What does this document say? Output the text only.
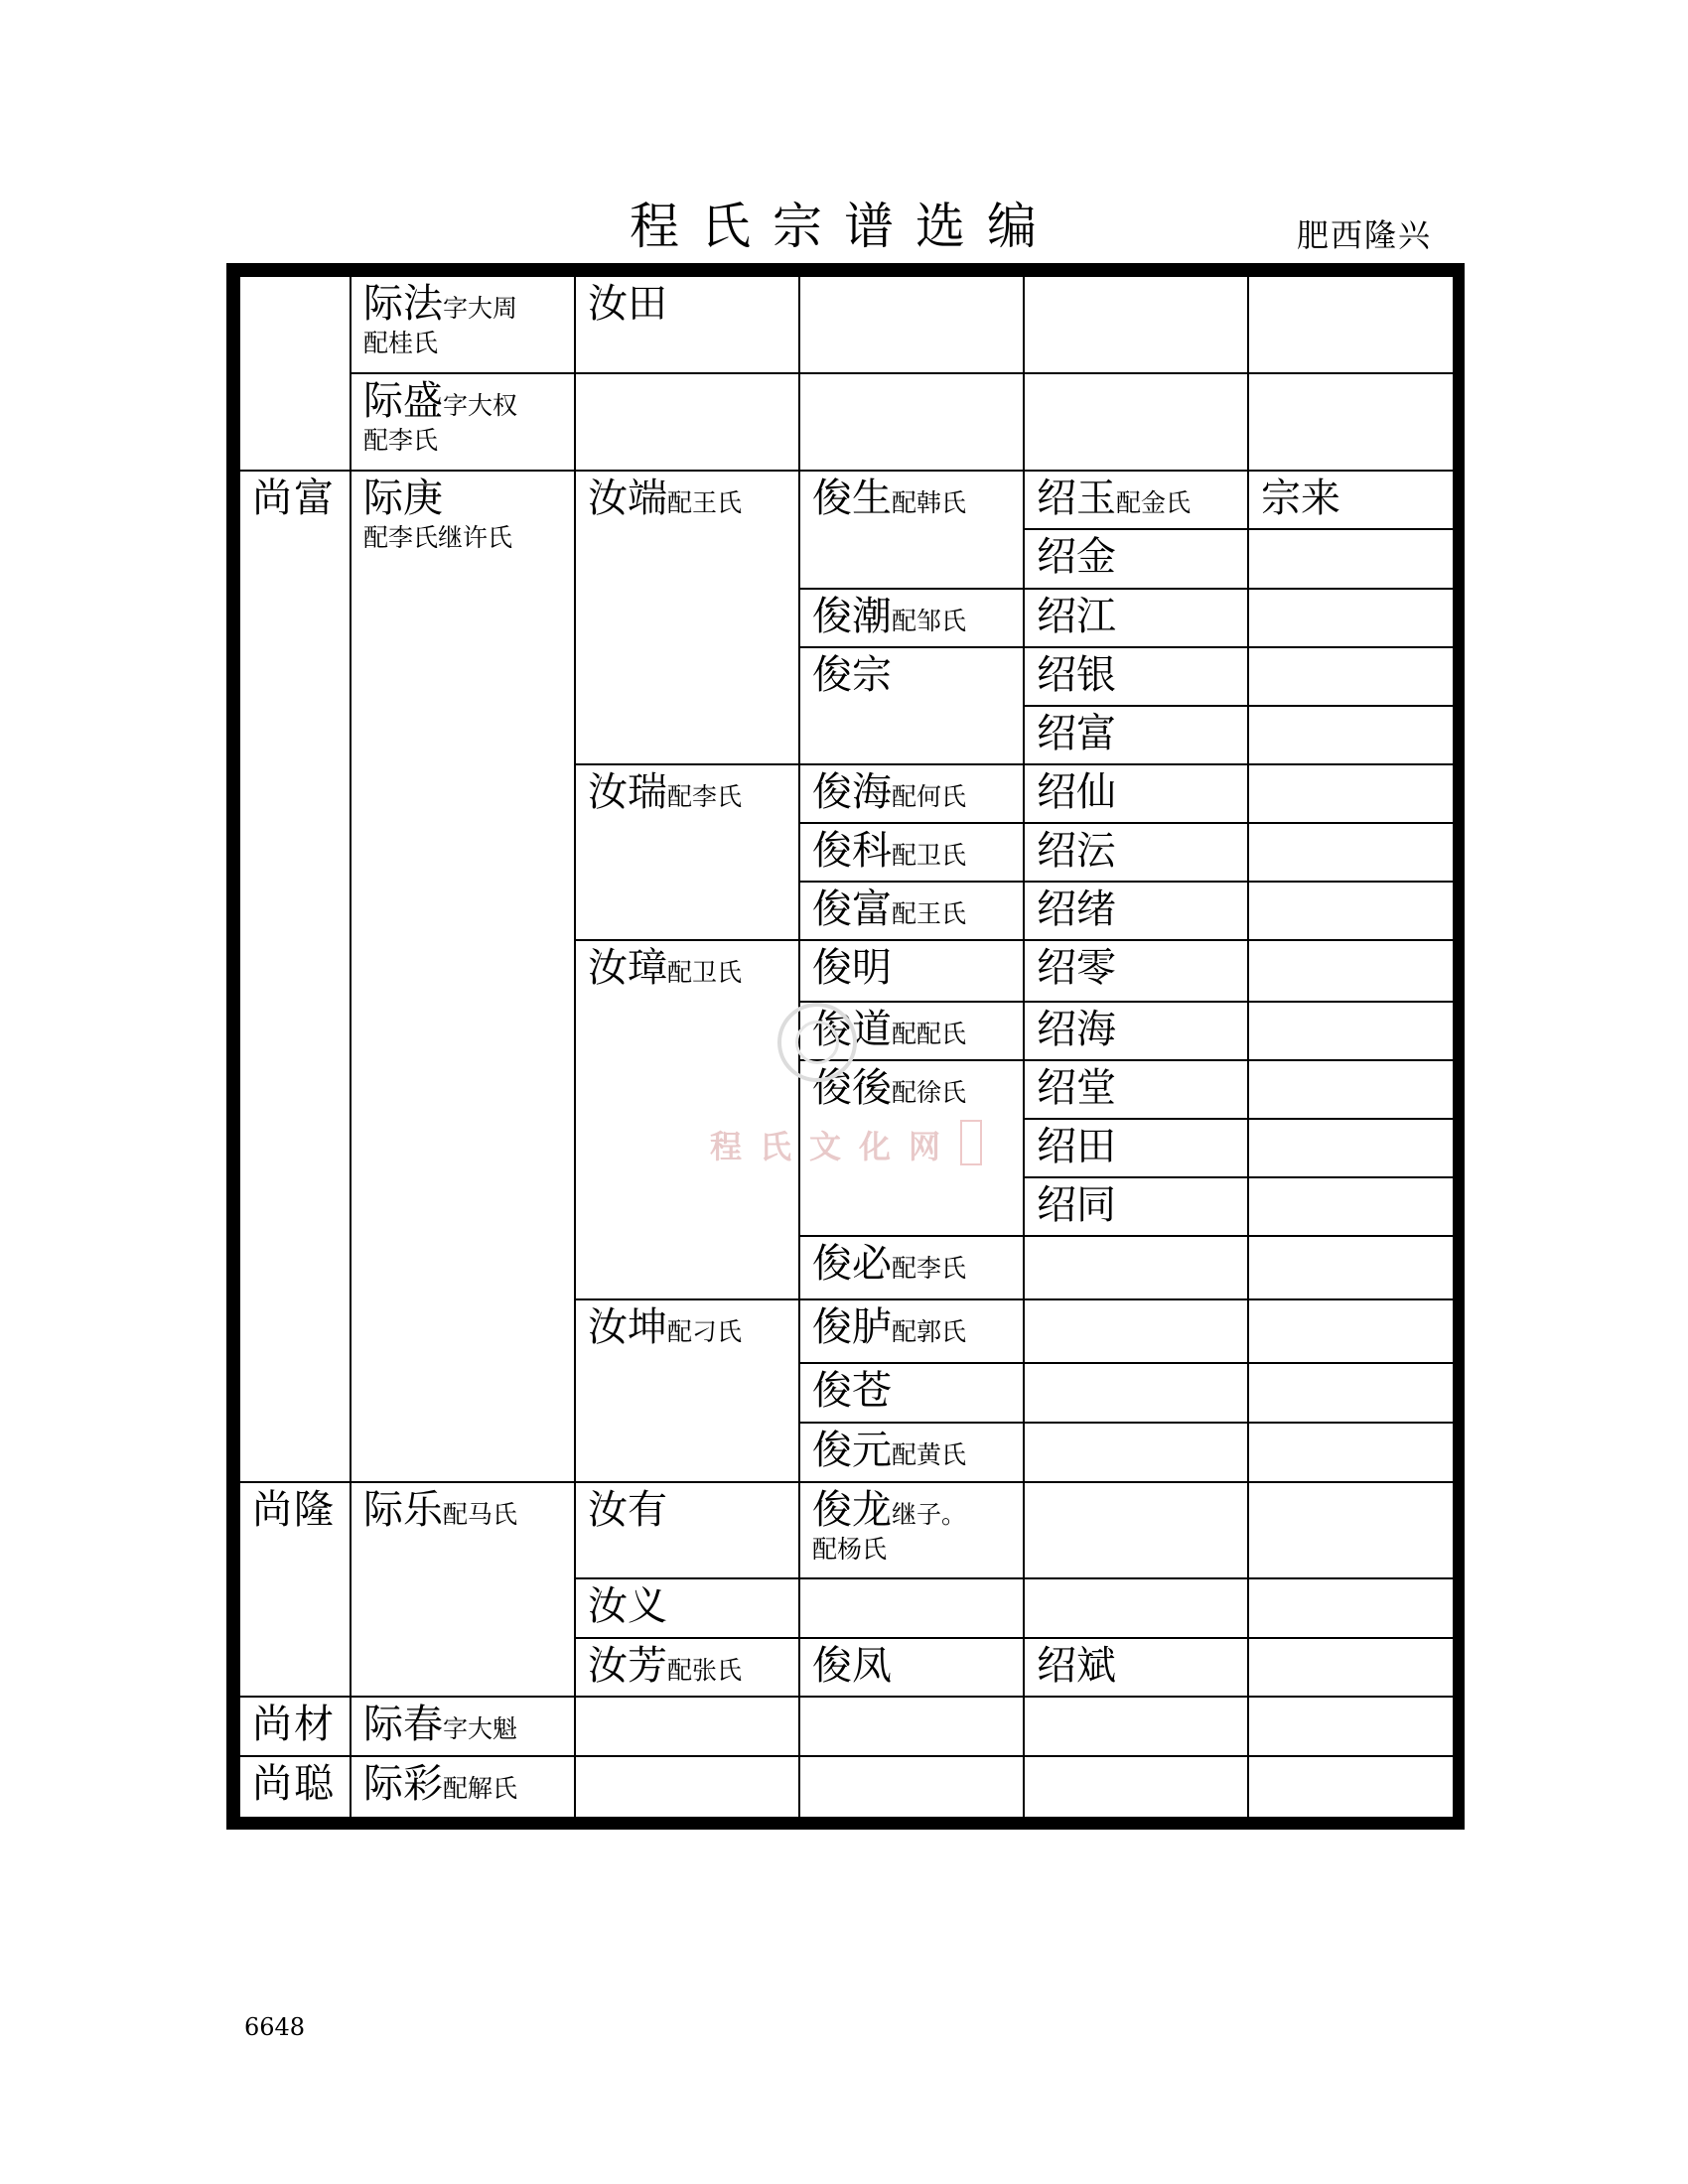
程氏宗谱选编	肥西隆兴
	际法字大周
配桂氏	汝田			
	际盛字大权
配李氏				

尚富	际庚
配李氏继许氏	汝端配王氏	俊生配韩氏	绍玉配金氏	宗来
				绍金	
			俊潮配邹氏	绍江	
			俊宗	绍银	
				绍富	
		汝瑞配李氏	俊海配何氏	绍仙	
			俊科配卫氏	绍沄	
			俊富配王氏	绍绪	
		汝璋配卫氏	俊明	绍零	
			俊道配配氏	绍海	
			俊後配徐氏	绍堂	
				绍田	
				绍同	
			俊必配李氏		
		汝坤配刁氏	俊胪配郭氏		
			俊苍		
			俊元配黄氏		
尚隆	际乐配马氏	汝有	俊龙继子。
配杨氏		

		汝义			
		汝芳配张氏	俊凤	绍斌	
尚材	际春字大魁				
尚聪	际彩配解氏				
程氏文化网
6648
